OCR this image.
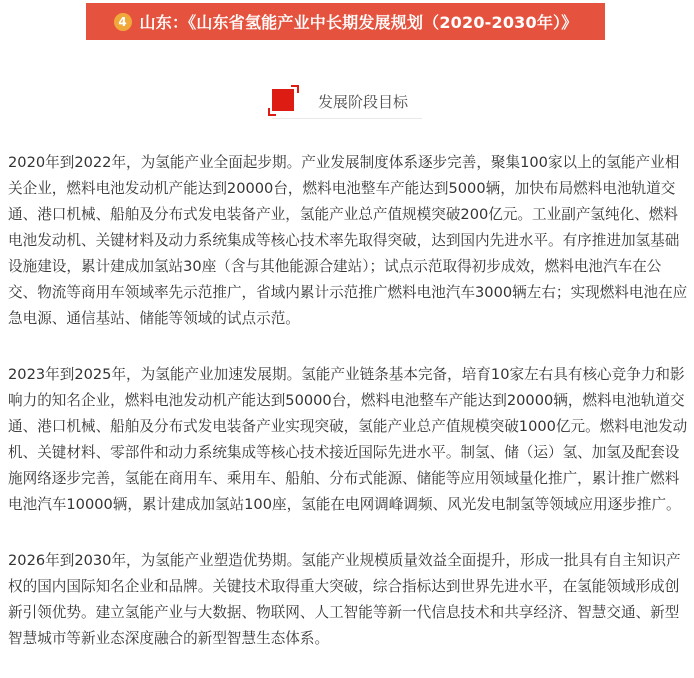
4 山东：《山东省氢能产业中长期发展规划（2020-2030年）》
发展阶段目标

2020年到2022年，为氢能产业全面起步期。产业发展制度体系逐步完善，聚集100家以上的氢能产业相关企业，燃料电池发动机产能达到20000台，燃料电池整车产能达到5000辆，加快布局燃料电池轨道交通、港口机械、船舶及分布式发电装备产业，氢能产业总产值规模突破200亿元。工业副产氢纯化、燃料电池发动机、关键材料及动力系统集成等核心技术率先取得突破，达到国内先进水平。有序推进加氢基础设施建设，累计建成加氢站30座（含与其他能源合建站）；试点示范取得初步成效，燃料电池汽车在公交、物流等商用车领域率先示范推广，省域内累计示范推广燃料电池汽车3000辆左右；实现燃料电池在应急电源、通信基站、储能等领域的试点示范。

2023年到2025年，为氢能产业加速发展期。氢能产业链条基本完备，培育10家左右具有核心竞争力和影响力的知名企业，燃料电池发动机产能达到50000台，燃料电池整车产能达到20000辆，燃料电池轨道交通、港口机械、船舶及分布式发电装备产业实现突破，氢能产业总产值规模突破1000亿元。燃料电池发动机、关键材料、零部件和动力系统集成等核心技术接近国际先进水平。制氢、储（运）氢、加氢及配套设施网络逐步完善，氢能在商用车、乘用车、船舶、分布式能源、储能等应用领域量化推广，累计推广燃料电池汽车10000辆，累计建成加氢站100座，氢能在电网调峰调频、风光发电制氢等领域应用逐步推广。

2026年到2030年，为氢能产业塑造优势期。氢能产业规模质量效益全面提升，形成一批具有自主知识产权的国内国际知名企业和品牌。关键技术取得重大突破，综合指标达到世界先进水平，在氢能领域形成创新引领优势。建立氢能产业与大数据、物联网、人工智能等新一代信息技术和共享经济、智慧交通、新型智慧城市等新业态深度融合的新型智慧生态体系。
